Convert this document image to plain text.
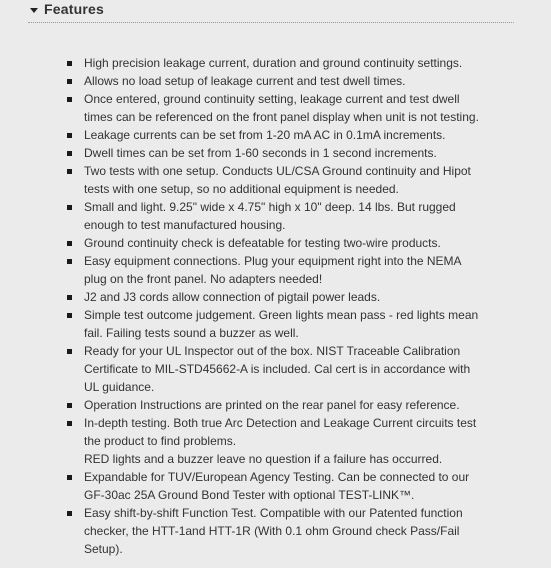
Features
High precision leakage current, duration and ground continuity settings.
Allows no load setup of leakage current and test dwell times.
Once entered, ground continuity setting, leakage current and test dwell
times can be referenced on the front panel display when unit is not testing.
Leakage currents can be set from 1-20 mA AC in 0.1mA increments.
Dwell times can be set from 1-60 seconds in 1 second increments.
Two tests with one setup. Conducts UL/CSA Ground continuity and Hipot
tests with one setup, so no additional equipment is needed.
Small and light. 9.25" wide x 4.75" high x 10" deep. 14 lbs. But rugged
enough to test manufactured housing.
Ground continuity check is defeatable for testing two-wire products.
Easy equipment connections. Plug your equipment right into the NEMA
plug on the front panel. No adapters needed!
J2 and J3 cords allow connection of pigtail power leads.
Simple test outcome judgement. Green lights mean pass - red lights mean
fail. Failing tests sound a buzzer as well.
Ready for your UL Inspector out of the box. NIST Traceable Calibration
Certificate to MIL-STD45662-A is included. Cal cert is in accordance with
UL guidance.
Operation Instructions are printed on the rear panel for easy reference.
In-depth testing. Both true Arc Detection and Leakage Current circuits test
the product to find problems.
RED lights and a buzzer leave no question if a failure has occurred.
Expandable for TUV/European Agency Testing. Can be connected to our
GF-30ac 25A Ground Bond Tester with optional TEST-LINK™.
Easy shift-by-shift Function Test. Compatible with our Patented function
checker, the HTT-1and HTT-1R (With 0.1 ohm Ground check Pass/Fail
Setup).
